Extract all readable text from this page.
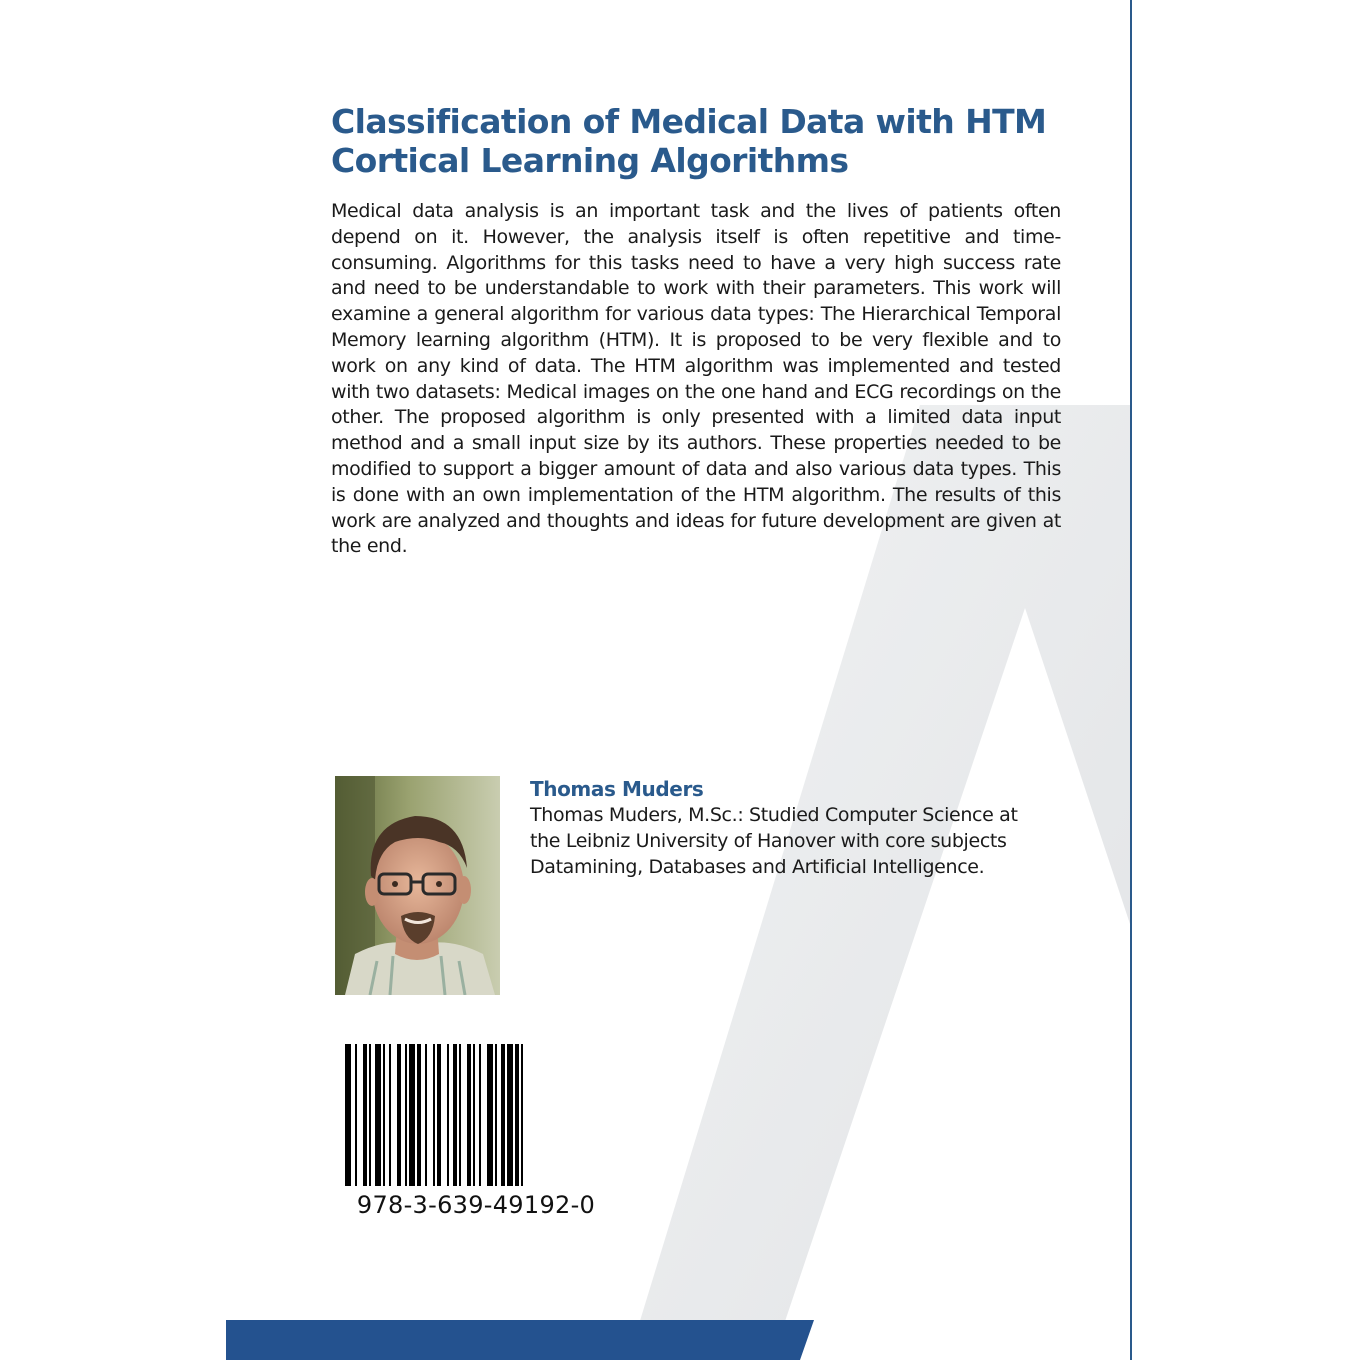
Classification of Medical Data with HTM Cortical Learning Algorithms

Medical data analysis is an important task and the lives of patients often depend on it. However, the analysis itself is often repetitive and time-consuming. Algorithms for this tasks need to have a very high success rate and need to be understandable to work with their parameters. This work will examine a general algorithm for various data types: The Hierarchical Temporal Memory learning algorithm (HTM). It is proposed to be very flexible and to work on any kind of data. The HTM algorithm was implemented and tested with two datasets: Medical images on the one hand and ECG recordings on the other. The proposed algorithm is only presented with a limited data input method and a small input size by its authors. These properties needed to be modified to support a bigger amount of data and also various data types. This is done with an own implementation of the HTM algorithm. The results of this work are analyzed and thoughts and ideas for future development are given at the end.

Thomas Muders

Thomas Muders, M.Sc.: Studied Computer Science at the Leibniz University of Hanover with core subjects Datamining, Databases and Artificial Intelligence.

978-3-639-49192-0
